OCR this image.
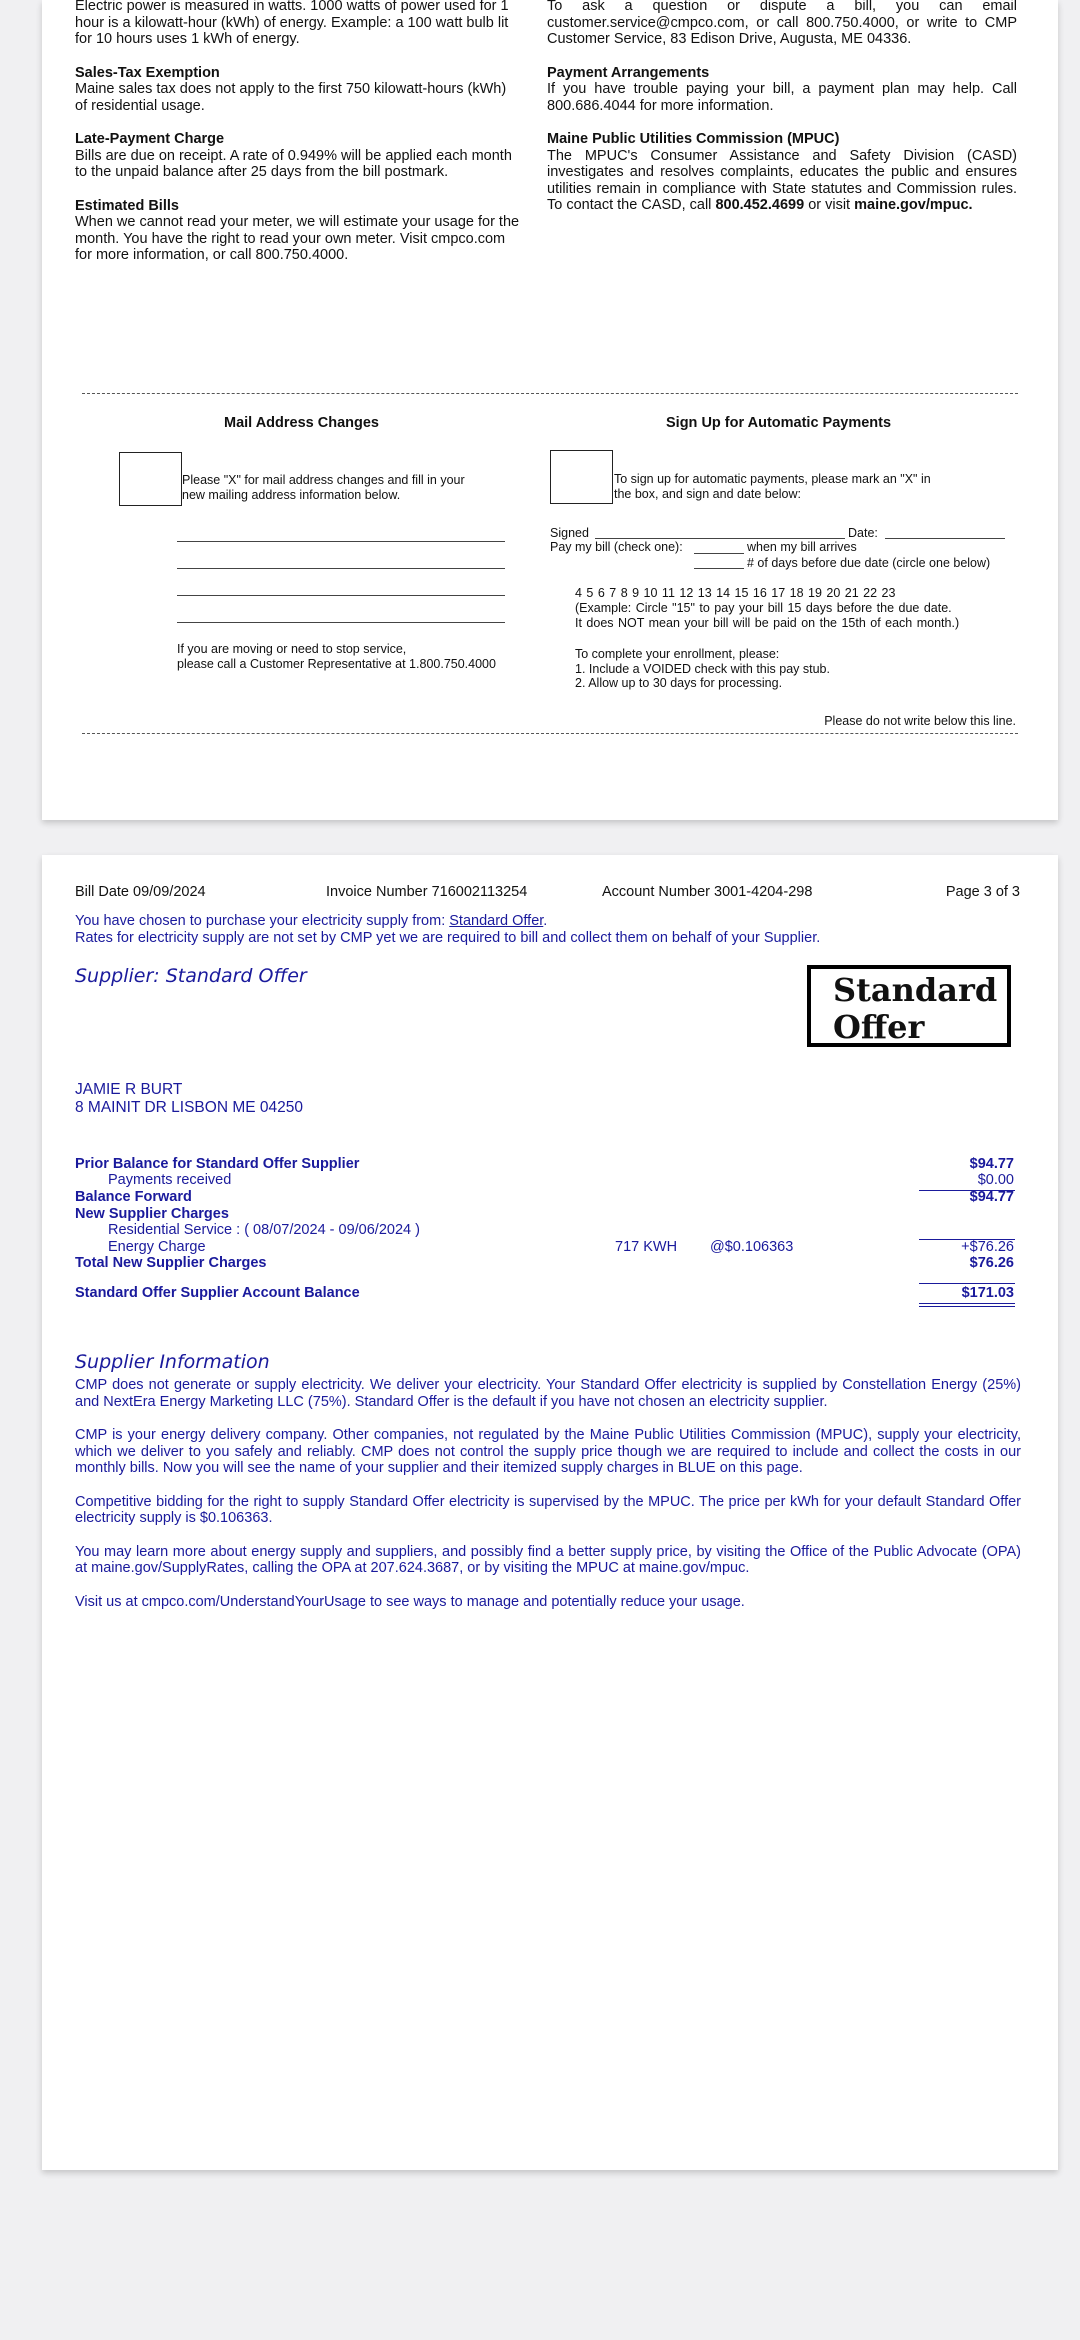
Electric power is measured in watts. 1000 watts of power used for 1 hour is a kilowatt-hour (kWh) of energy. Example: a 100 watt bulb lit for 10 hours uses 1 kWh of energy.
Sales-Tax Exemption
Maine sales tax does not apply to the first 750 kilowatt-hours (kWh) of residential usage.
Late-Payment Charge
Bills are due on receipt. A rate of 0.949% will be applied each month to the unpaid balance after 25 days from the bill postmark.
Estimated Bills
When we cannot read your meter, we will estimate your usage for the month. You have the right to read your own meter. Visit cmpco.com for more information, or call 800.750.4000.
To ask a question or dispute a bill, you can email customer.service@cmpco.com, or call 800.750.4000, or write to CMP Customer Service, 83 Edison Drive, Augusta, ME 04336.
Payment Arrangements
If you have trouble paying your bill, a payment plan may help. Call 800.686.4044 for more information.
Maine Public Utilities Commission (MPUC)
The MPUC's Consumer Assistance and Safety Division (CASD) investigates and resolves complaints, educates the public and ensures utilities remain in compliance with State statutes and Commission rules. To contact the CASD, call 800.452.4699 or visit maine.gov/mpuc.
Mail Address Changes
Please "X" for mail address changes and fill in your new mailing address information below.
If you are moving or need to stop service,
please call a Customer Representative at 1.800.750.4000
Sign Up for Automatic Payments
To sign up for automatic payments, please mark an "X" in the box, and sign and date below:
Signed	Date:
Pay my bill (check one):	when my bill arrives
# of days before due date (circle one below)
4 5 6 7 8 9 10 11 12 13 14 15 16 17 18 19 20 21 22 23
(Example: Circle "15" to pay your bill 15 days before the due date.
It does NOT mean your bill will be paid on the 15th of each month.)
To complete your enrollment, please:
1. Include a VOIDED check with this pay stub.
2. Allow up to 30 days for processing.
Please do not write below this line.
Bill Date 09/09/2024	Invoice Number 716002113254	Account Number 3001-4204-298	Page 3 of 3
You have chosen to purchase your electricity supply from: Standard Offer.
Rates for electricity supply are not set by CMP yet we are required to bill and collect them on behalf of your Supplier.
Supplier: Standard Offer	Standard
Offer
JAMIE R BURT
8 MAINIT DR LISBON ME 04250
Prior Balance for Standard Offer Supplier	$94.77
Payments received	$0.00
Balance Forward	$94.77
New Supplier Charges
Residential Service : ( 08/07/2024 - 09/06/2024 )
Energy Charge	717 KWH @$0.106363	+$76.26
Total New Supplier Charges	$76.26
Standard Offer Supplier Account Balance	$171.03
Supplier Information

CMP does not generate or supply electricity. We deliver your electricity. Your Standard Offer electricity is supplied by Constellation Energy (25%) and NextEra Energy Marketing LLC (75%). Standard Offer is the default if you have not chosen an electricity supplier.

CMP is your energy delivery company. Other companies, not regulated by the Maine Public Utilities Commission (MPUC), supply your electricity, which we deliver to you safely and reliably. CMP does not control the supply price though we are required to include and collect the costs in our monthly bills. Now you will see the name of your supplier and their itemized supply charges in BLUE on this page.

Competitive bidding for the right to supply Standard Offer electricity is supervised by the MPUC. The price per kWh for your default Standard Offer electricity supply is $0.106363.

You may learn more about energy supply and suppliers, and possibly find a better supply price, by visiting the Office of the Public Advocate (OPA) at maine.gov/SupplyRates, calling the OPA at 207.624.3687, or by visiting the MPUC at maine.gov/mpuc.

Visit us at cmpco.com/UnderstandYourUsage to see ways to manage and potentially reduce your usage.
